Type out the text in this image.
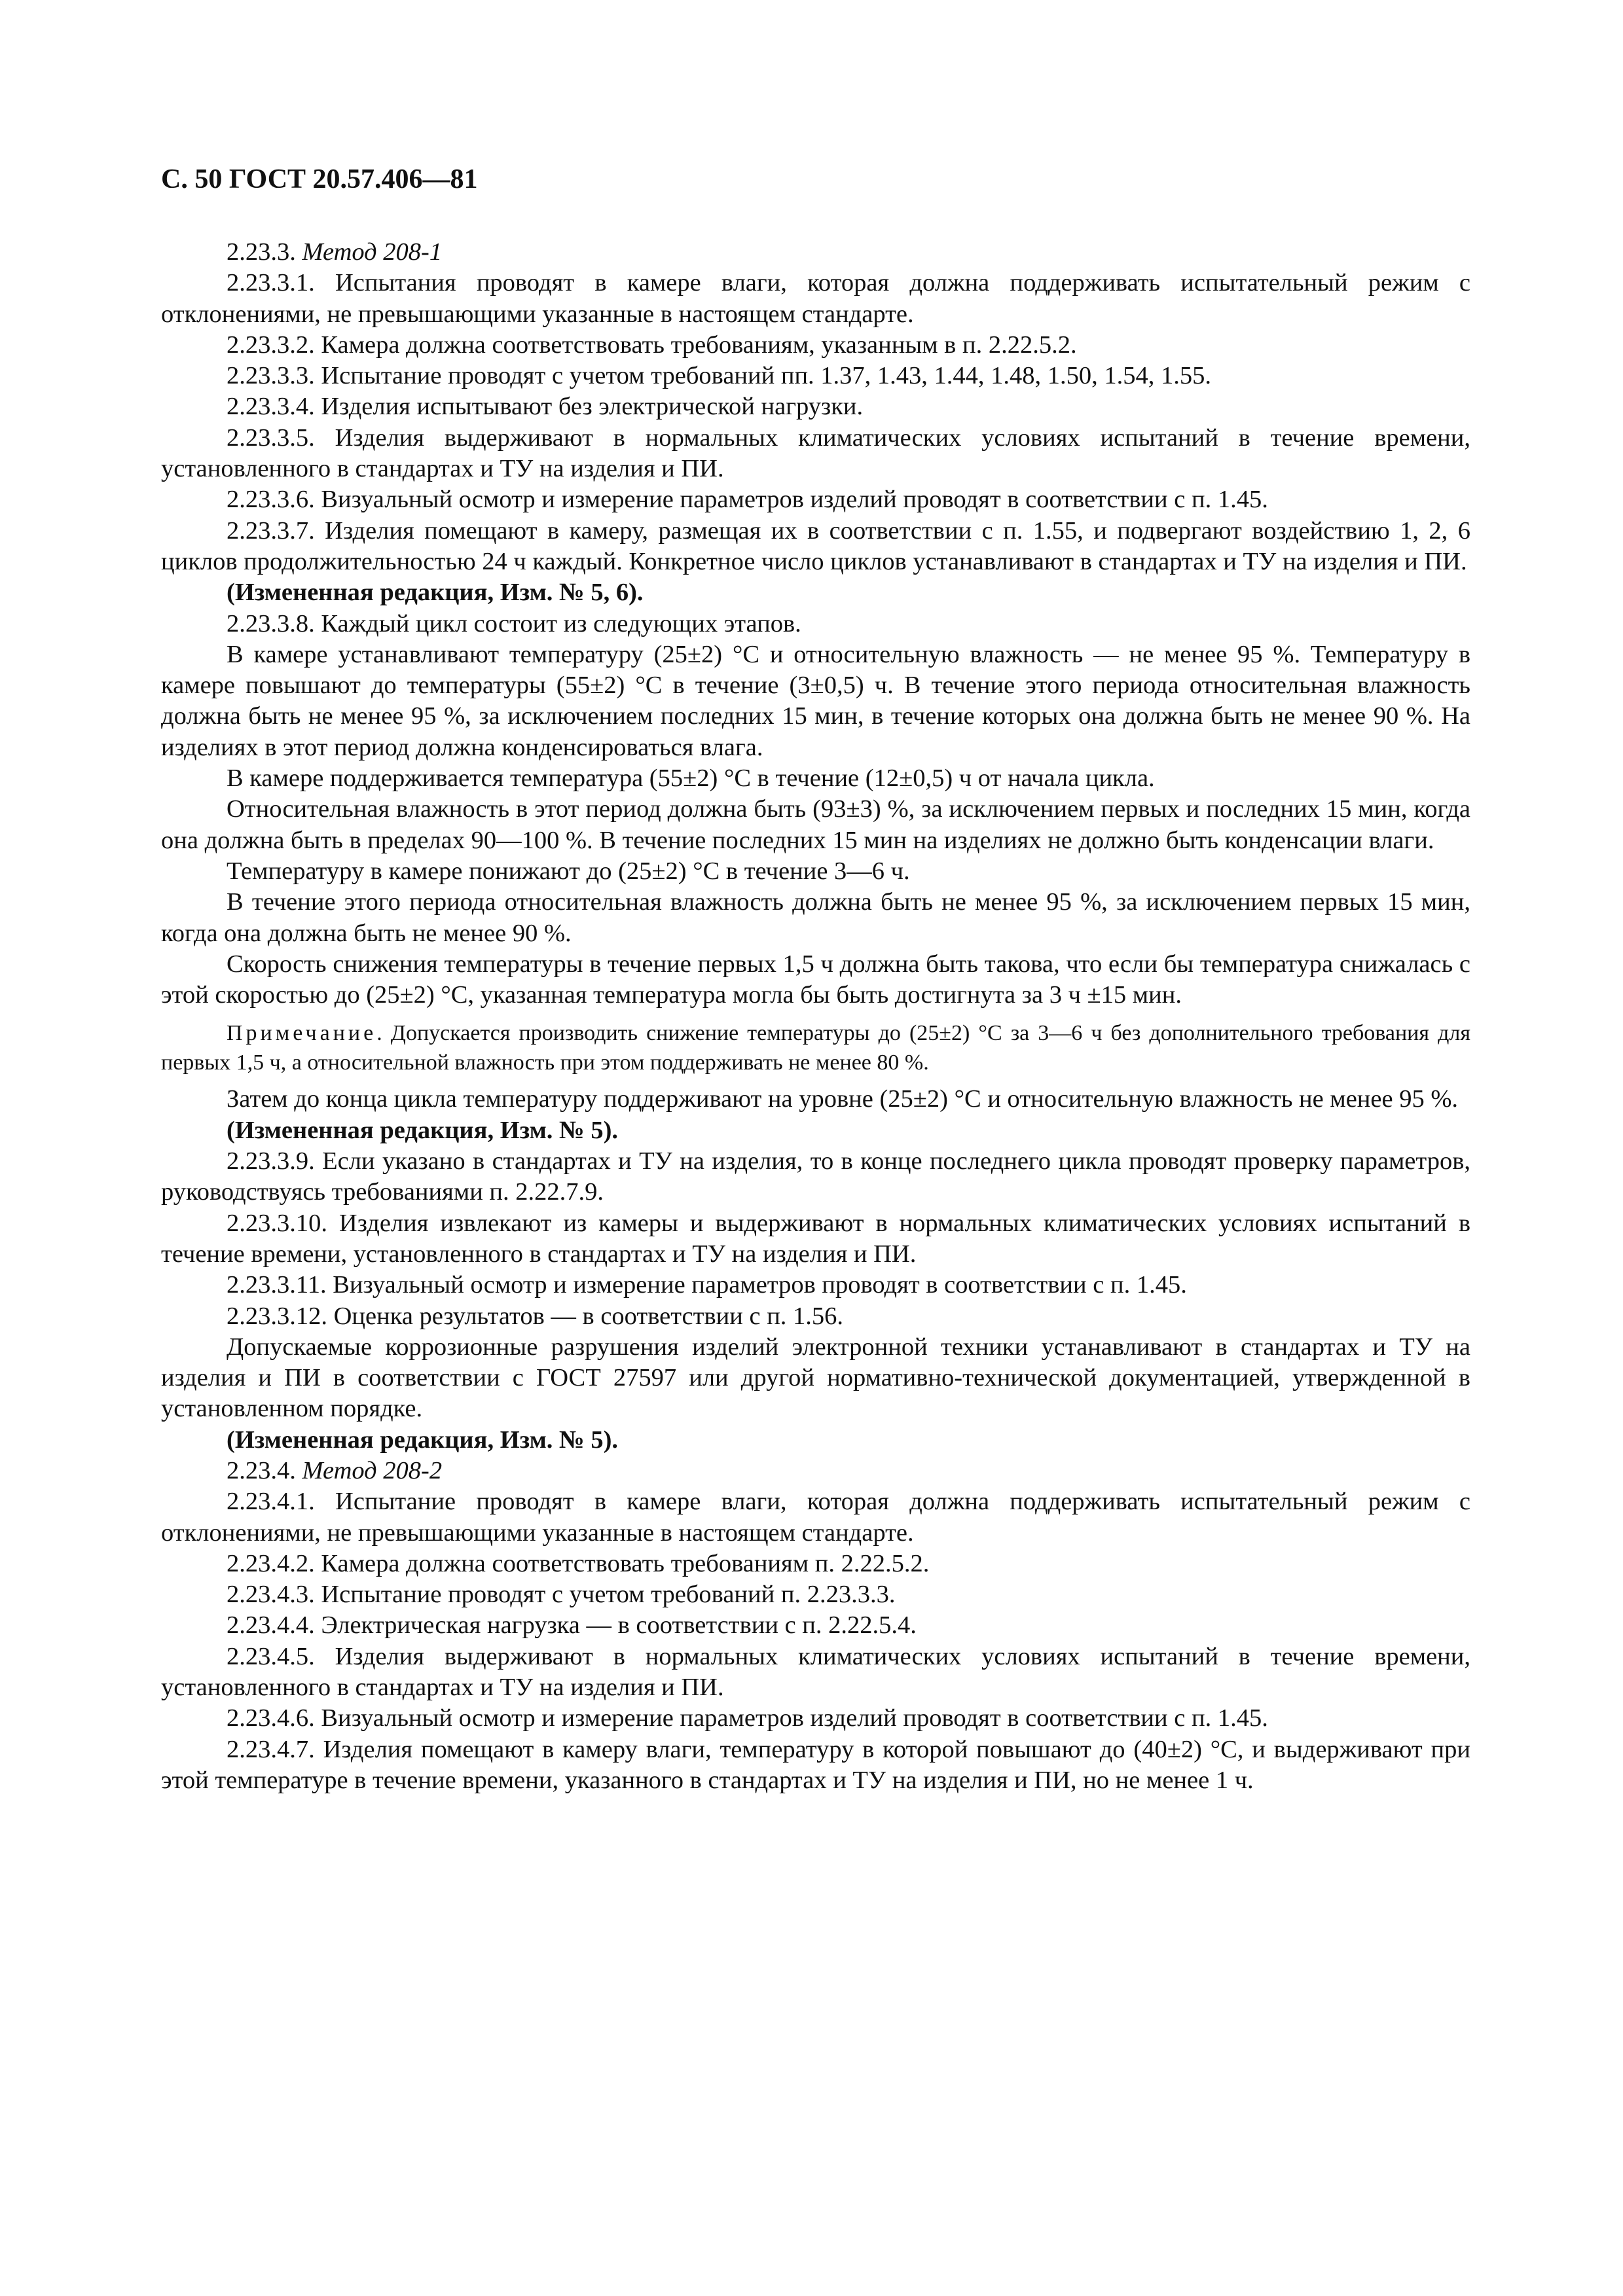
С. 50 ГОСТ 20.57.406—81

2.23.3. Метод 208-1

2.23.3.1. Испытания проводят в камере влаги, которая должна поддерживать испытательный режим с отклонениями, не превышающими указанные в настоящем стандарте.

2.23.3.2. Камера должна соответствовать требованиям, указанным в п. 2.22.5.2.

2.23.3.3. Испытание проводят с учетом требований пп. 1.37, 1.43, 1.44, 1.48, 1.50, 1.54, 1.55.

2.23.3.4. Изделия испытывают без электрической нагрузки.

2.23.3.5. Изделия выдерживают в нормальных климатических условиях испытаний в течение времени, установленного в стандартах и ТУ на изделия и ПИ.

2.23.3.6. Визуальный осмотр и измерение параметров изделий проводят в соответствии с п. 1.45.

2.23.3.7. Изделия помещают в камеру, размещая их в соответствии с п. 1.55, и подвергают воздействию 1, 2, 6 циклов продолжительностью 24 ч каждый. Конкретное число циклов устанавливают в стандартах и ТУ на изделия и ПИ.

(Измененная редакция, Изм. № 5, 6).

2.23.3.8. Каждый цикл состоит из следующих этапов.

В камере устанавливают температуру (25±2) °С и относительную влажность — не менее 95 %. Температуру в камере повышают до температуры (55±2) °С в течение (3±0,5) ч. В течение этого периода относительная влажность должна быть не менее 95 %, за исключением последних 15 мин, в течение которых она должна быть не менее 90 %. На изделиях в этот период должна конденсироваться влага.

В камере поддерживается температура (55±2) °С в течение (12±0,5) ч от начала цикла.

Относительная влажность в этот период должна быть (93±3) %, за исключением первых и последних 15 мин, когда она должна быть в пределах 90—100 %. В течение последних 15 мин на изделиях не должно быть конденсации влаги.

Температуру в камере понижают до (25±2) °С в течение 3—6 ч.

В течение этого периода относительная влажность должна быть не менее 95 %, за исключением первых 15 мин, когда она должна быть не менее 90 %.

Скорость снижения температуры в течение первых 1,5 ч должна быть такова, что если бы температура снижалась с этой скоростью до (25±2) °С, указанная температура могла бы быть достигнута за 3 ч ±15 мин.

Примечание. Допускается производить снижение температуры до (25±2) °С за 3—6 ч без дополнительного требования для первых 1,5 ч, а относительной влажность при этом поддерживать не менее 80 %.

Затем до конца цикла температуру поддерживают на уровне (25±2) °С и относительную влажность не менее 95 %.

(Измененная редакция, Изм. № 5).

2.23.3.9. Если указано в стандартах и ТУ на изделия, то в конце последнего цикла проводят проверку параметров, руководствуясь требованиями п. 2.22.7.9.

2.23.3.10. Изделия извлекают из камеры и выдерживают в нормальных климатических условиях испытаний в течение времени, установленного в стандартах и ТУ на изделия и ПИ.

2.23.3.11. Визуальный осмотр и измерение параметров проводят в соответствии с п. 1.45.

2.23.3.12. Оценка результатов — в соответствии с п. 1.56.

Допускаемые коррозионные разрушения изделий электронной техники устанавливают в стандартах и ТУ на изделия и ПИ в соответствии с ГОСТ 27597 или другой нормативно-технической документацией, утвержденной в установленном порядке.

(Измененная редакция, Изм. № 5).

2.23.4. Метод 208-2

2.23.4.1. Испытание проводят в камере влаги, которая должна поддерживать испытательный режим с отклонениями, не превышающими указанные в настоящем стандарте.

2.23.4.2. Камера должна соответствовать требованиям п. 2.22.5.2.

2.23.4.3. Испытание проводят с учетом требований п. 2.23.3.3.

2.23.4.4. Электрическая нагрузка — в соответствии с п. 2.22.5.4.

2.23.4.5. Изделия выдерживают в нормальных климатических условиях испытаний в течение времени, установленного в стандартах и ТУ на изделия и ПИ.

2.23.4.6. Визуальный осмотр и измерение параметров изделий проводят в соответствии с п. 1.45.

2.23.4.7. Изделия помещают в камеру влаги, температуру в которой повышают до (40±2) °С, и выдерживают при этой температуре в течение времени, указанного в стандартах и ТУ на изделия и ПИ, но не менее 1 ч.
